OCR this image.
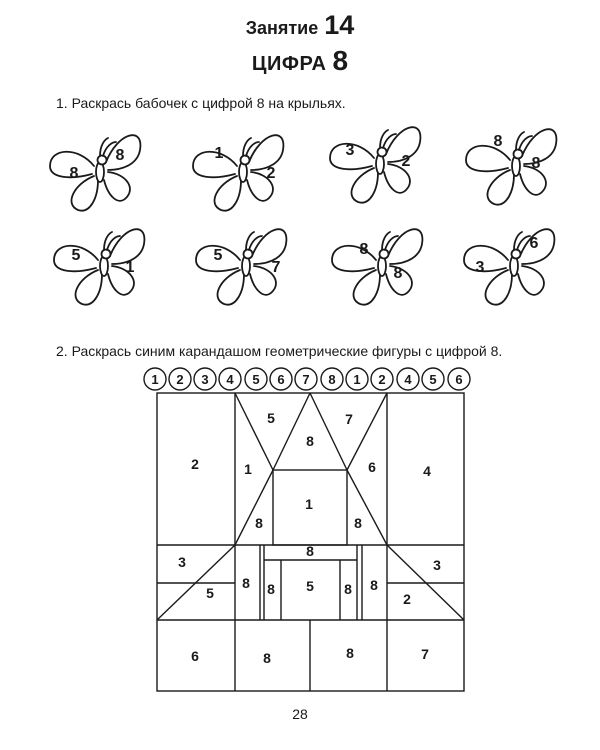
Занятие 14
ЦИФРА 8
1. Раскрась бабочек с цифрой 8 на крыльях.
2. Раскрась синим карандашом геометрические фигуры с цифрой 8.
8
8	1
2
3
2
8
8
5
1
5
7
8
8	3
6
1 2 3 4 5 6 7 8 1 2 4 5 6
2	4
5	7
8
1	6
1
8	8
3
5
3
2
8
8 8 5 8 8
6	8	8	7
28
